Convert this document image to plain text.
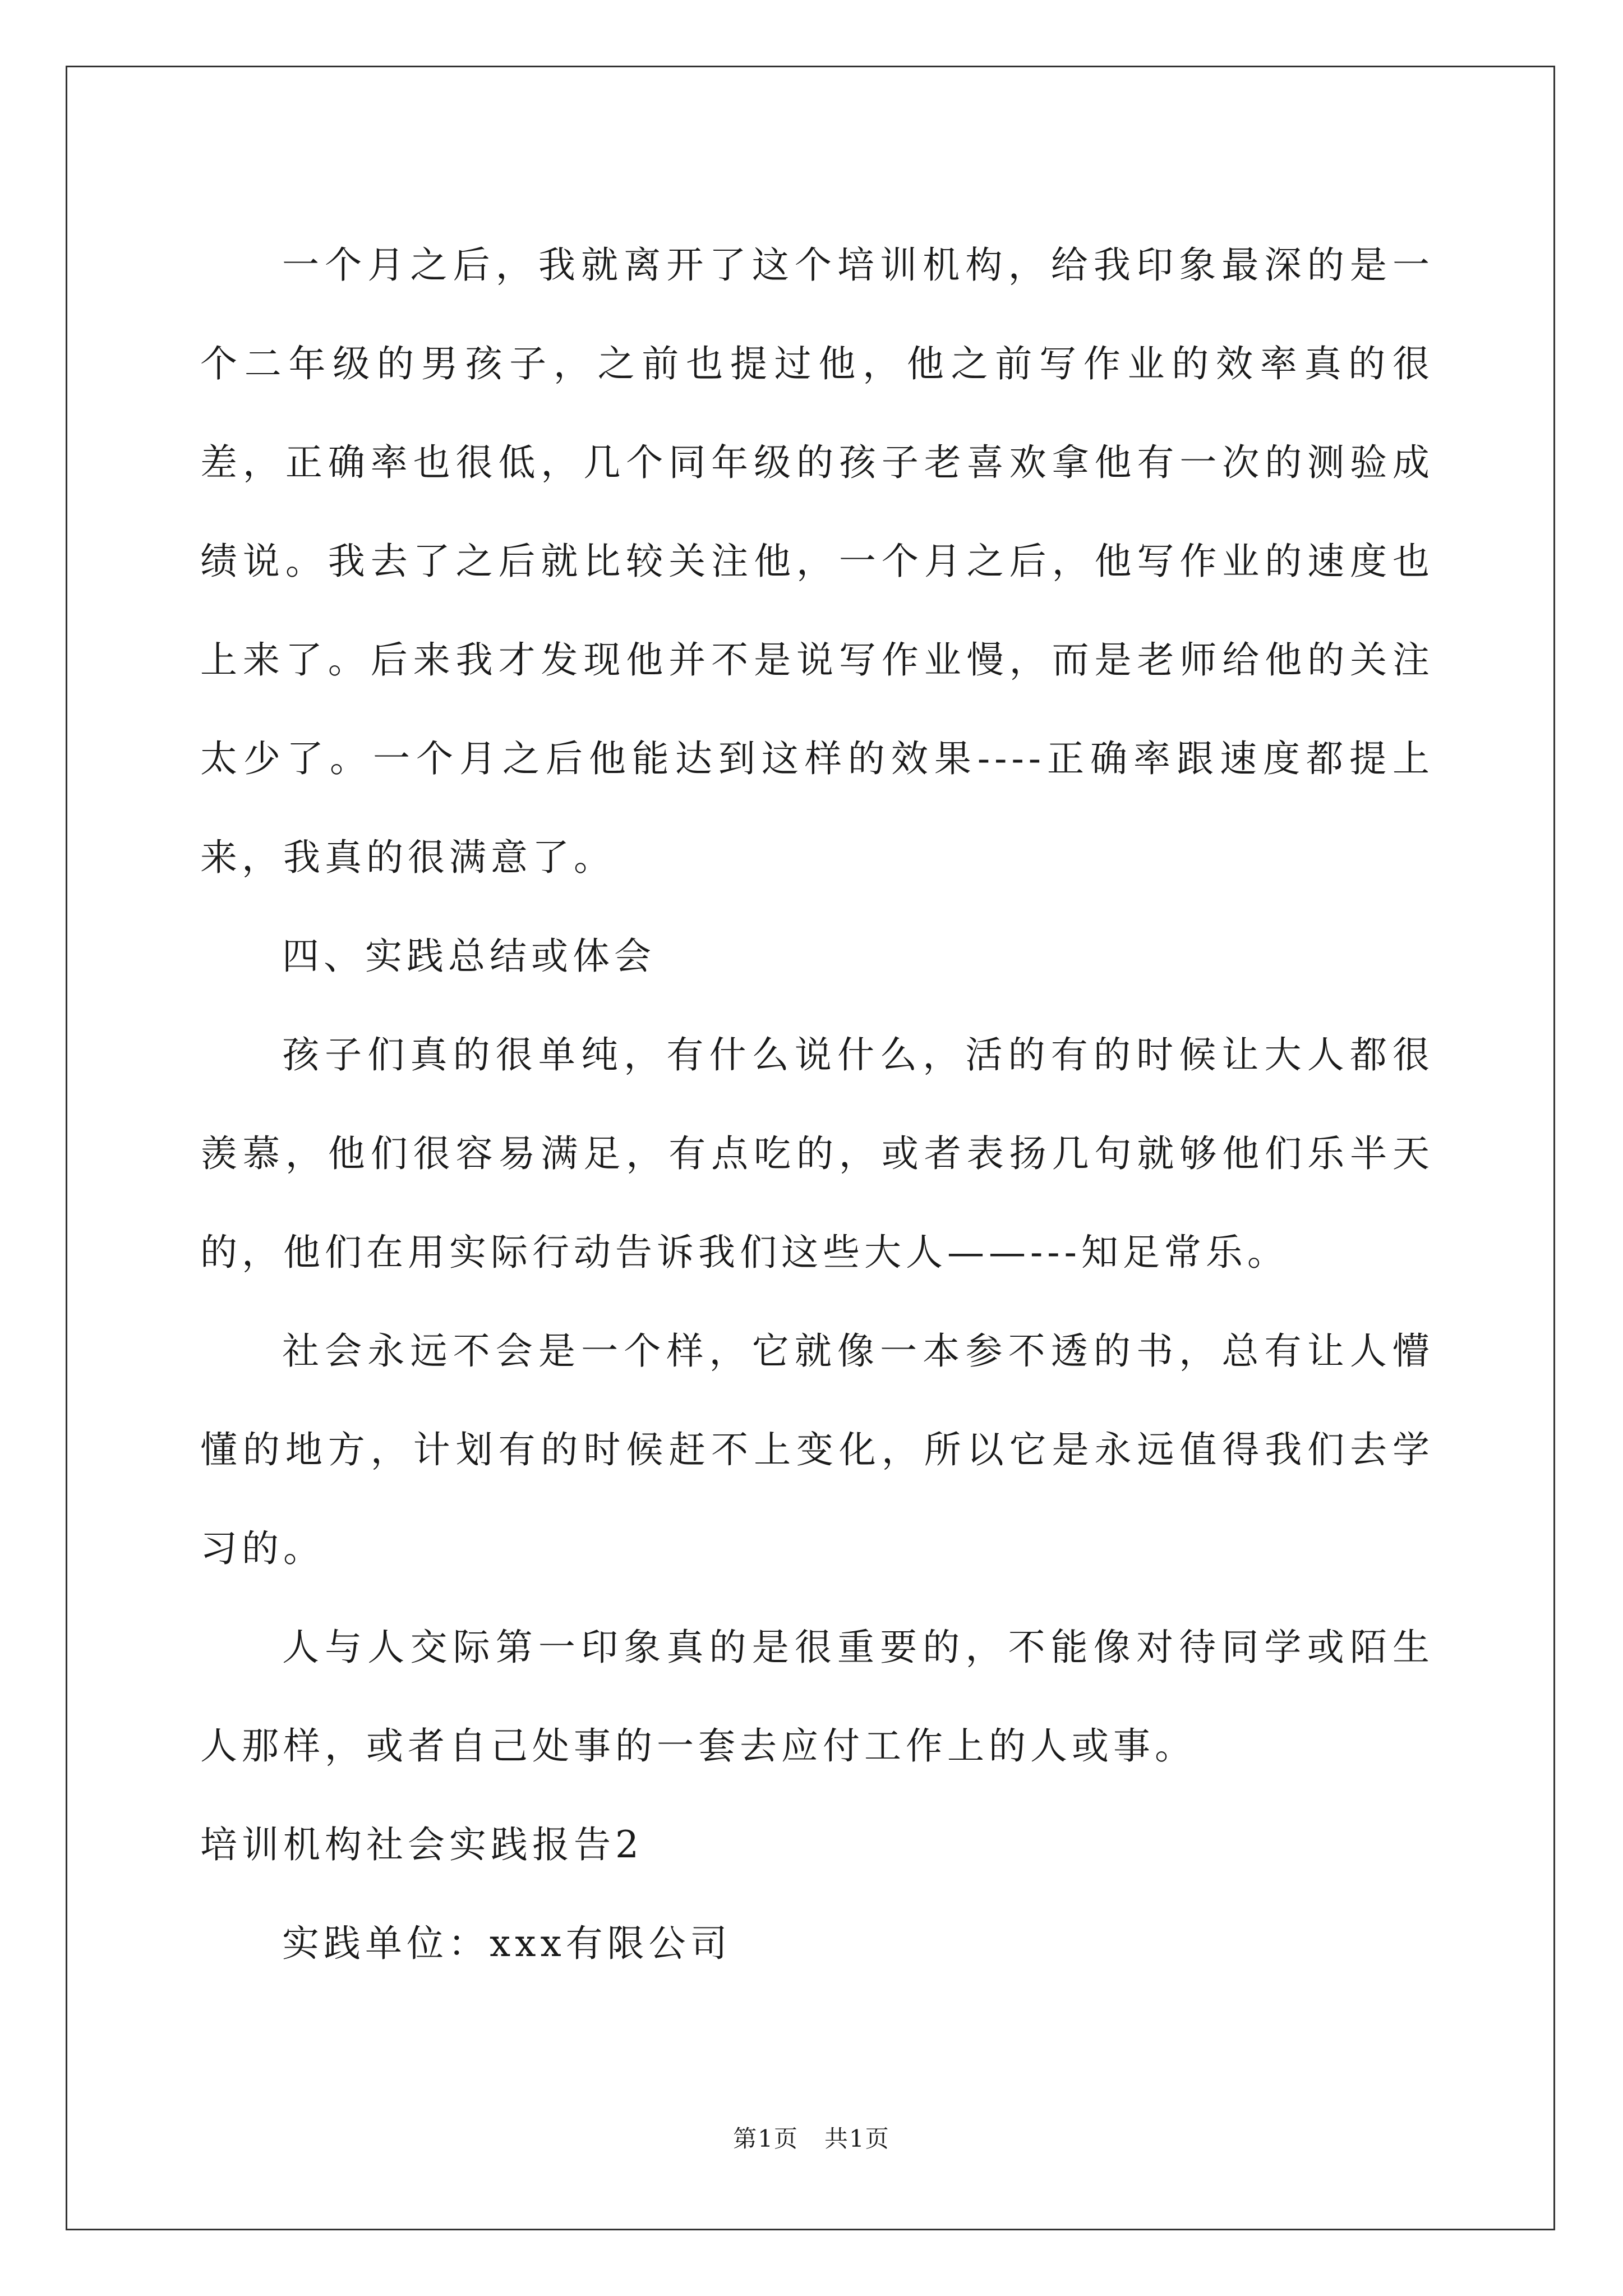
一个月之后，我就离开了这个培训机构，给我印象最深的是一个二年级的男孩子，之前也提过他，他之前写作业的效率真的很差，正确率也很低，几个同年级的孩子老喜欢拿他有一次的测验成绩说。我去了之后就比较关注他，一个月之后，他写作业的速度也上来了。后来我才发现他并不是说写作业慢，而是老师给他的关注太少了。一个月之后他能达到这样的效果----正确率跟速度都提上来，我真的很满意了。

四、实践总结或体会

孩子们真的很单纯，有什么说什么，活的有的时候让大人都很羡慕，他们很容易满足，有点吃的，或者表扬几句就够他们乐半天的，他们在用实际行动告诉我们这些大人——---知足常乐。

社会永远不会是一个样，它就像一本参不透的书，总有让人懵懂的地方，计划有的时候赶不上变化，所以它是永远值得我们去学习的。

人与人交际第一印象真的是很重要的，不能像对待同学或陌生人那样，或者自己处事的一套去应付工作上的人或事。

培训机构社会实践报告2

实践单位：xxx有限公司

第1页 共1页
